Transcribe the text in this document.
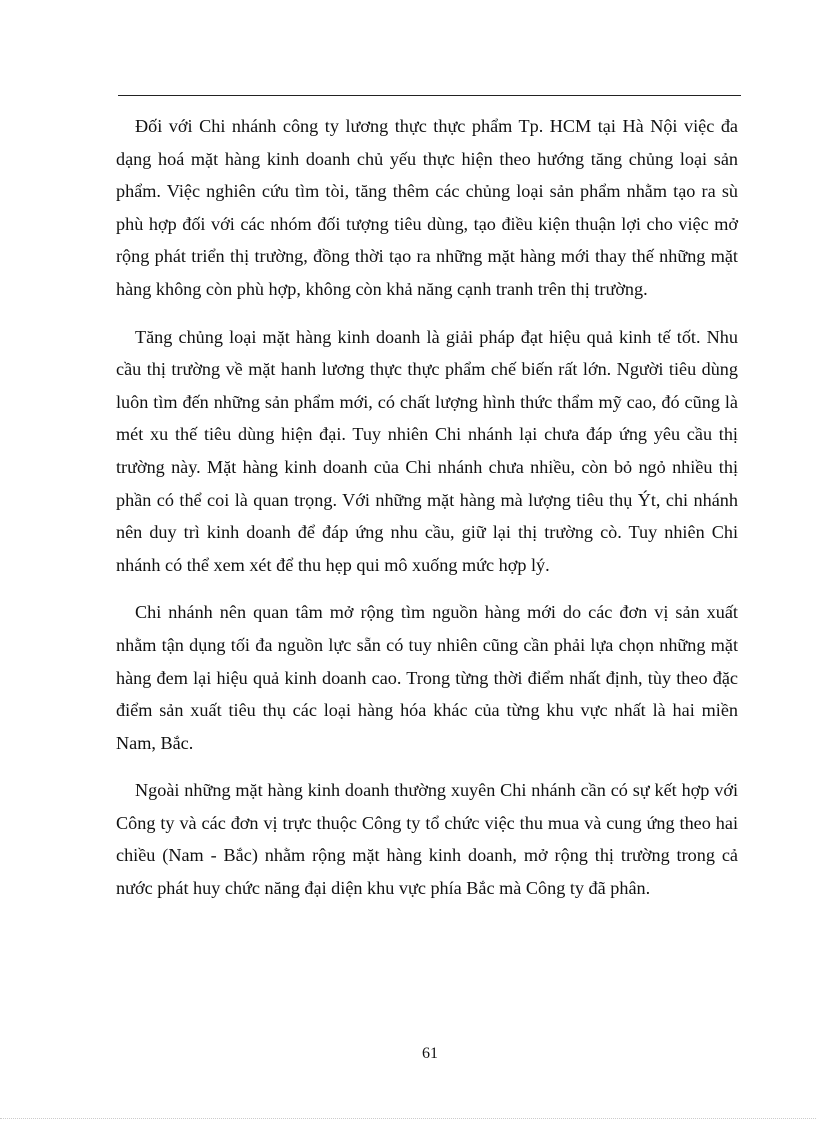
Đối với Chi nhánh công ty lương thực thực phẩm Tp. HCM tại Hà Nội việc đa dạng hoá mặt hàng kinh doanh chủ yếu thực hiện theo hướng tăng chủng loại sản phẩm. Việc nghiên cứu tìm tòi, tăng thêm các chủng loại sản phẩm nhằm tạo ra sù phù hợp đối với các nhóm đối tượng tiêu dùng, tạo điều kiện thuận lợi cho việc mở rộng phát triển thị trường, đồng thời tạo ra những mặt hàng mới thay thế những mặt hàng không còn phù hợp, không còn khả năng cạnh tranh trên thị trường.

Tăng chủng loại mặt hàng kinh doanh là giải pháp đạt hiệu quả kinh tế tốt. Nhu cầu thị trường về mặt hanh lương thực thực phẩm chế biến rất lớn. Người tiêu dùng luôn tìm đến những sản phẩm mới, có chất lượng hình thức thẩm mỹ cao, đó cũng là mét xu thế tiêu dùng hiện đại. Tuy nhiên Chi nhánh lại chưa đáp ứng yêu cầu thị trường này. Mặt hàng kinh doanh của Chi nhánh chưa nhiều, còn bỏ ngỏ nhiều thị phần có thể coi là quan trọng. Với những mặt hàng mà lượng tiêu thụ Ýt, chi nhánh nên duy trì kinh doanh để đáp ứng nhu cầu, giữ lại thị trường cò. Tuy nhiên Chi nhánh có thể xem xét để thu hẹp qui mô xuống mức hợp lý.

Chi nhánh nên quan tâm mở rộng tìm nguồn hàng mới do các đơn vị sản xuất nhằm tận dụng tối đa nguồn lực sẵn có tuy nhiên cũng cần phải lựa chọn những mặt hàng đem lại hiệu quả kinh doanh cao. Trong từng thời điểm nhất định, tùy theo đặc điểm sản xuất tiêu thụ các loại hàng hóa khác của từng khu vực nhất là hai miền Nam, Bắc.

Ngoài những mặt hàng kinh doanh thường xuyên Chi nhánh cần có sự kết hợp với Công ty và các đơn vị trực thuộc Công ty tổ chức việc thu mua và cung ứng theo hai chiều (Nam - Bắc) nhằm rộng mặt hàng kinh doanh, mở rộng thị trường trong cả nước phát huy chức năng đại diện khu vực phía Bắc mà Công ty đã phân.

61
